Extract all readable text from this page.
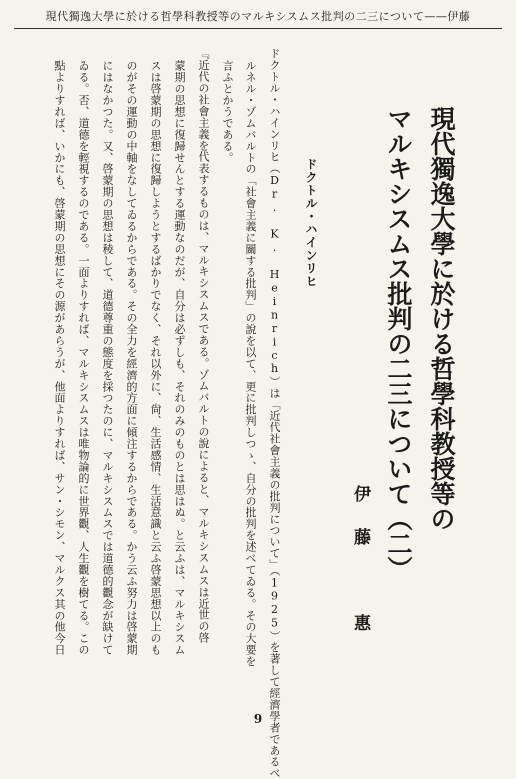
現代獨逸大學に於ける哲學科教授等のマルキシスムス批判の二三について——伊藤
現代獨逸大學に於ける哲學科教授等の
マルキシスムス批判の二三について（二）
伊藤　惠
ドクトル・ハインリヒ
ドクトル・ハインリヒ（Dr. K. Heinrich）は「近代社會主義の批判について」（1925）を著して經濟學者であるべ
ルネル・ゾムバルトの「社會主義に關する批判」の說を以て、更に批判しつゝ、自分の批判を述べてゐる。その大要を
言ふとかうである。
『近代の社會主義を代表するものは、マルキシスムスである。ゾムバルトの說によると、マルキシスムスは近世の啓
蒙期の思想に復歸せんとする運動なのだが、自分は必ずしも、それのみのものとは思はぬ。と云ふは、マルキシスム
スは啓蒙期の思想に復歸しようとするばかりでなく、それ以外に、尙、生活感情、生活意識と云ふ啓蒙思想以上のも
のがその運動の中軸をなしてゐるからである。その全力を經濟的方面に傾注するからである。かう云ふ努力は啓蒙期
にはなかつた。又、啓蒙期の思想は稜して、道德尊重の態度を採つたのに、マルキシスムスでは道德的觀念が缺けて
ゐる。否、道德を輕視するのである。一面よりすれば、マルキシスムスは唯物論的に世界觀、人生觀を樹てる。この
點よりすれば、いかにも、啓蒙期の思想にその源があらうが、他面よりすれば、サン・シモン、マルクス其の他今日
9
